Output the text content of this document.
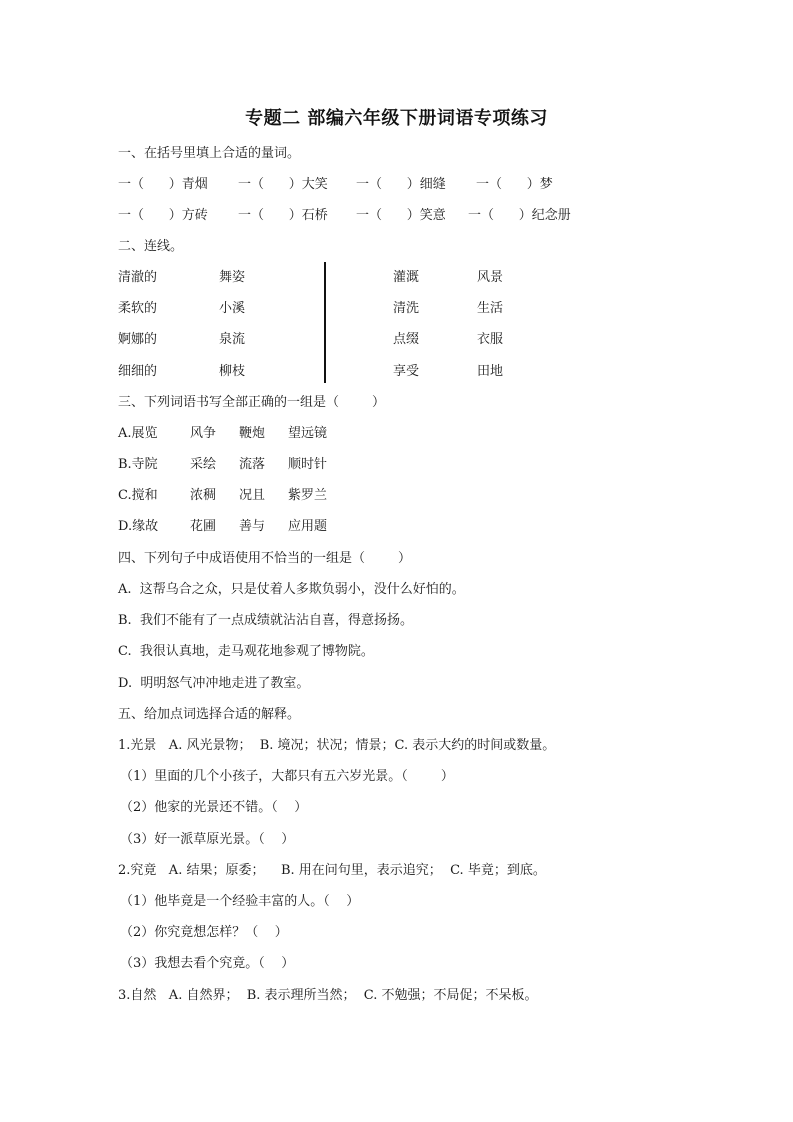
专题二 部编六年级下册词语专项练习
一、在括号里填上合适的量词。
一（      ）青烟 一（      ）大笑 一（      ）细缝 一（      ）梦
一（      ）方砖 一（      ）石桥 一（      ）笑意 一（      ）纪念册
二、连线。
清澈的
柔软的
婀娜的
细细的
舞姿
小溪
泉流
柳枝
灌溉
清洗
点缀
享受
风景
生活
衣服
田地
三、下列词语书写全部正确的一组是（        ）
A.展览 风争 鞭炮 望远镜
B.寺院 采绘 流落 顺时针
C.搅和 浓稠 况且 紫罗兰
D.缘故 花圃 善与 应用题
四、下列句子中成语使用不恰当的一组是（        ）
A.  这帮乌合之众，只是仗着人多欺负弱小，没什么好怕的。
B.  我们不能有了一点成绩就沾沾自喜，得意扬扬。
C.  我很认真地，走马观花地参观了博物院。
D.  明明怒气冲冲地走进了教室。
五、给加点词选择合适的解释。
1.光景   A. 风光景物；  B. 境况；状况；情景；C. 表示大约的时间或数量。
（1）里面的几个小孩子，大都只有五六岁光景。（        ）
（2）他家的光景还不错。（    ）
（3）好一派草原光景。（    ）
2.究竟   A. 结果；原委；    B. 用在问句里，表示追究；  C. 毕竟；到底。
（1）他毕竟是一个经验丰富的人。（    ）
（2）你究竟想怎样？（    ）
（3）我想去看个究竟。（    ）
3.自然   A. 自然界；  B. 表示理所当然；  C. 不勉强；不局促；不呆板。
